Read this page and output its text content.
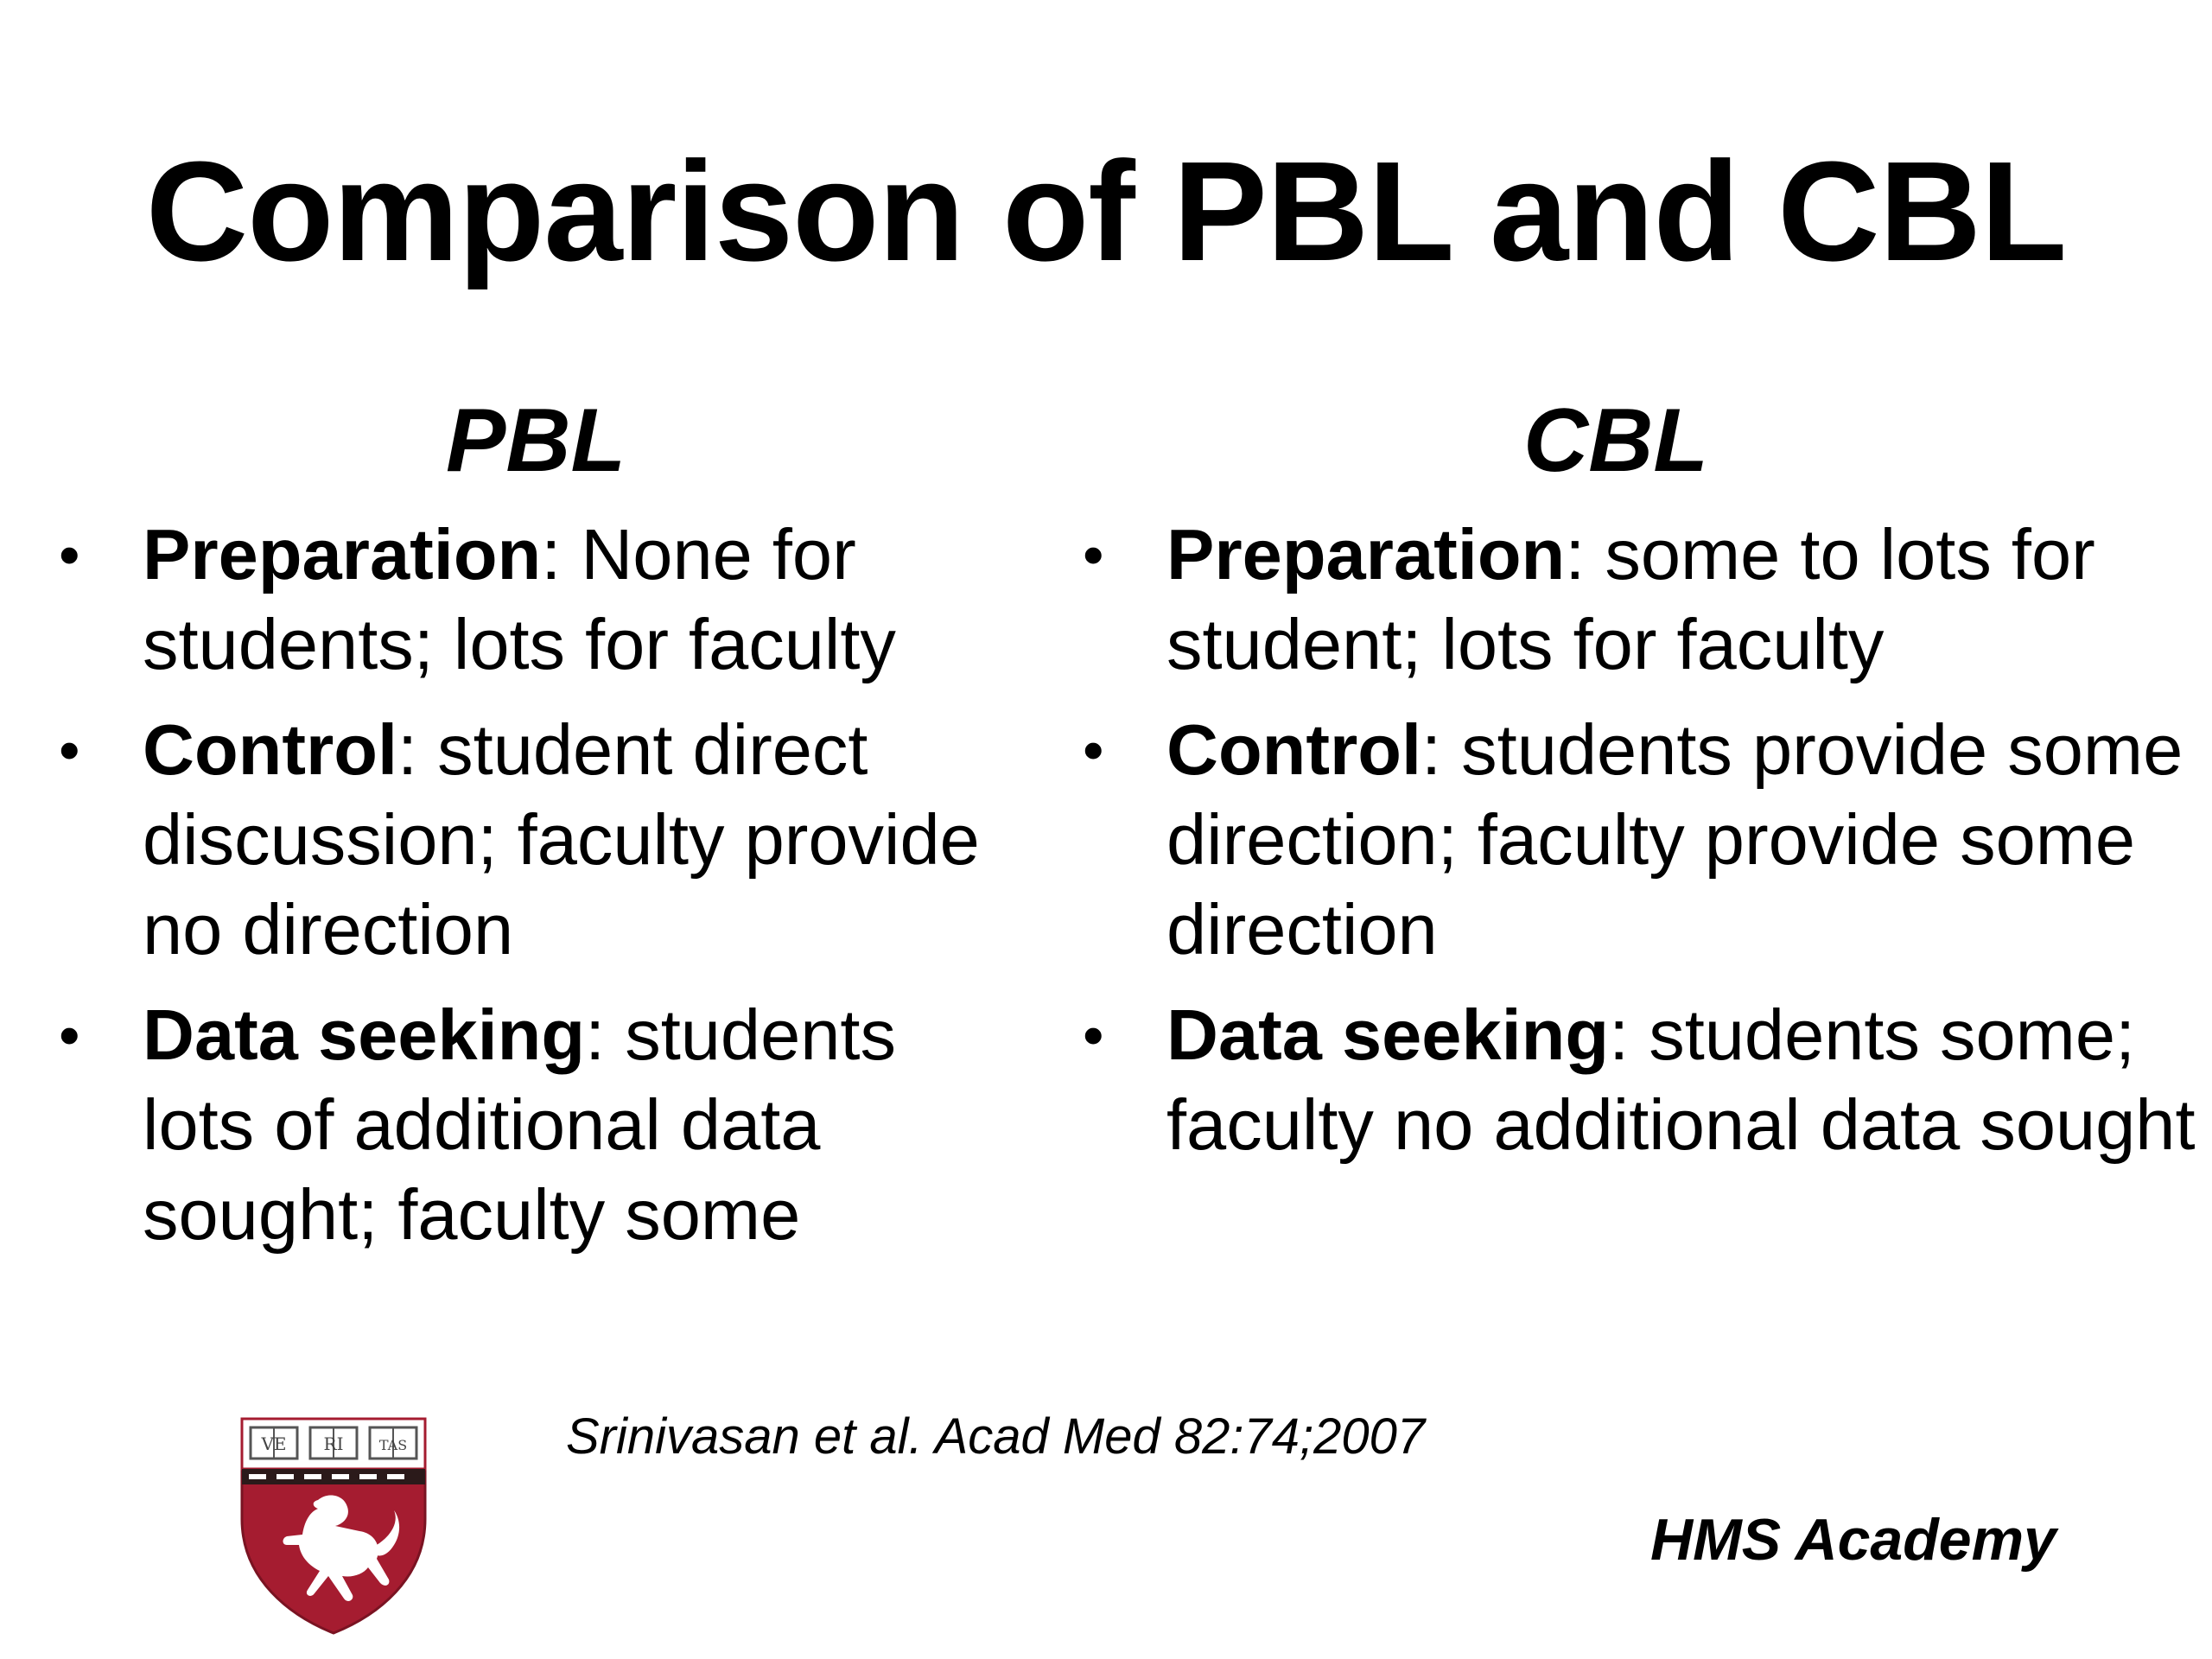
Comparison of PBL and CBL
PBL
• Preparation: None for students; lots for faculty
• Control: student direct discussion; faculty provide no direction
• Data seeking: students lots of additional data sought; faculty some
CBL
• Preparation: some to lots for student; lots for faculty
• Control: students provide some direction; faculty provide some direction
• Data seeking: students some; faculty no additional data sought
VE RI	TAS	Srinivasan et al. Acad Med 82:74;2007

HMS Academy
